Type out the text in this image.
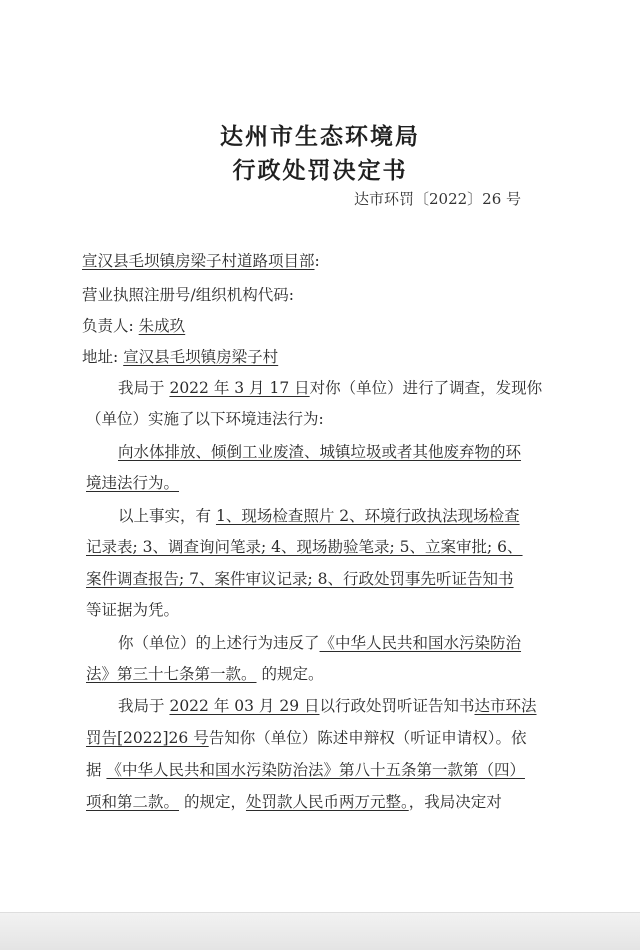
达州市生态环境局
行政处罚决定书
达市环罚〔2022〕26 号
宣汉县毛坝镇房梁子村道路项目部:
营业执照注册号/组织机构代码:
负责人: 朱成玖
地址: 宣汉县毛坝镇房梁子村
我局于 2022 年 3 月 17 日对你（单位）进行了调查，发现你
（单位）实施了以下环境违法行为:
向水体排放、倾倒工业废渣、城镇垃圾或者其他废弃物的环
境违法行为。
以上事实，有 1、现场检查照片 2、环境行政执法现场检查
记录表; 3、调查询问笔录; 4、现场勘验笔录; 5、立案审批; 6、
案件调查报告; 7、案件审议记录; 8、行政处罚事先听证告知书
等证据为凭。
你（单位）的上述行为违反了《中华人民共和国水污染防治
法》第三十七条第一款。 的规定。
我局于 2022 年 03 月 29 日以行政处罚听证告知书达市环法
罚告[2022]26 号告知你（单位）陈述申辩权（听证申请权）。依
据 《中华人民共和国水污染防治法》第八十五条第一款第（四）
项和第二款。 的规定，处罚款人民币两万元整。，我局决定对
